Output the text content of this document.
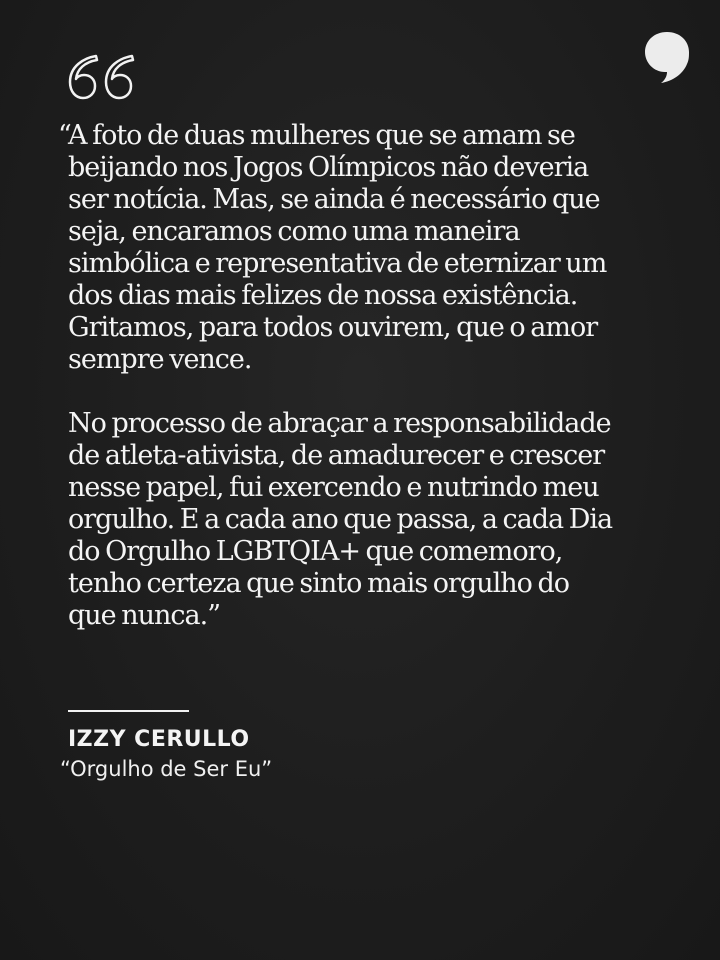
“
A foto de duas mulheres que se amam se
beijando nos Jogos Olímpicos não deveria
ser notícia. Mas, se ainda é necessário que
seja, encaramos como uma maneira
simbólica e representativa de eternizar um
dos dias mais felizes de nossa existência.
Gritamos, para todos ouvirem, que o amor
sempre vence.

No processo de abraçar a responsabilidade
de atleta-ativista, de amadurecer e crescer
nesse papel, fui exercendo e nutrindo meu
orgulho. E a cada ano que passa, a cada Dia
do Orgulho LGBTQIA+ que comemoro,
tenho certeza que sinto mais orgulho do
que nunca.”

IZZY CERULLO
“Orgulho de Ser Eu”
